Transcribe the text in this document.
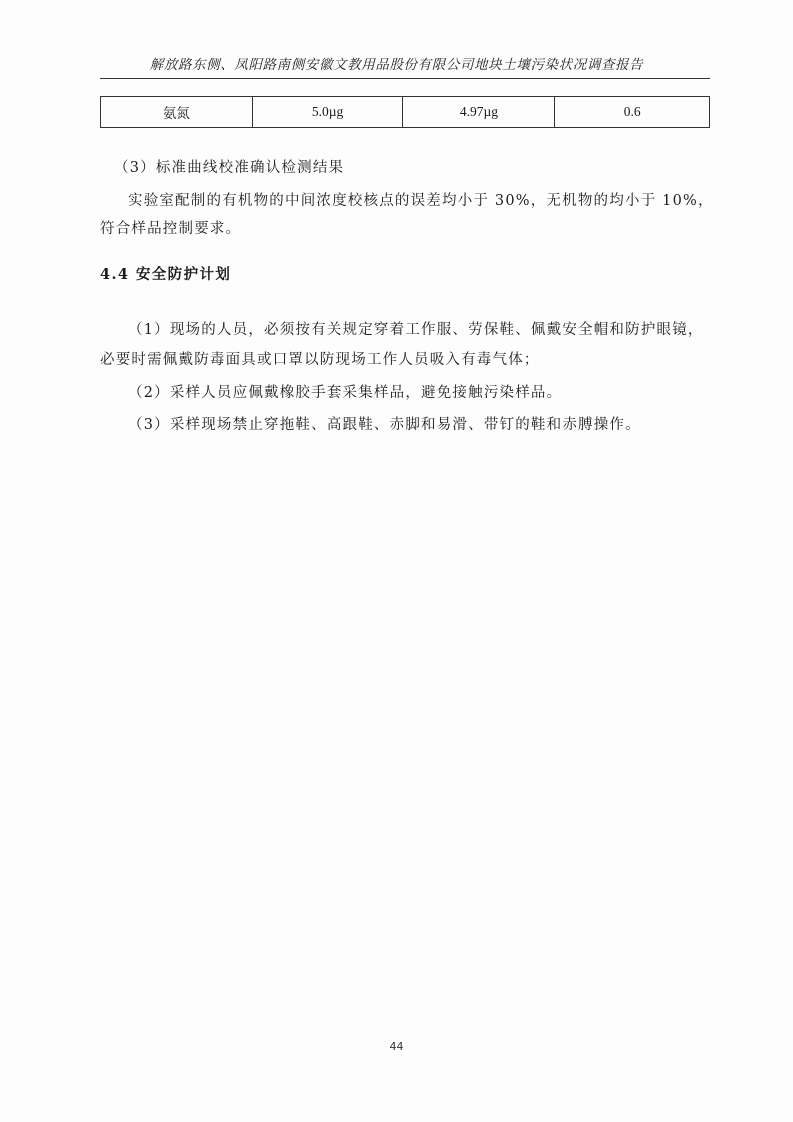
解放路东侧、凤阳路南侧安徽文教用品股份有限公司地块土壤污染状况调查报告
氨氮	5.0µg	4.97µg	0.6
（3）标准曲线校准确认检测结果
实验室配制的有机物的中间浓度校核点的误差均小于 30%，无机物的均小于 10%，
符合样品控制要求。
4.4 安全防护计划
（1）现场的人员，必须按有关规定穿着工作服、劳保鞋、佩戴安全帽和防护眼镜，
必要时需佩戴防毒面具或口罩以防现场工作人员吸入有毒气体；
（2）采样人员应佩戴橡胶手套采集样品，避免接触污染样品。
（3）采样现场禁止穿拖鞋、高跟鞋、赤脚和易滑、带钉的鞋和赤膊操作。
44
